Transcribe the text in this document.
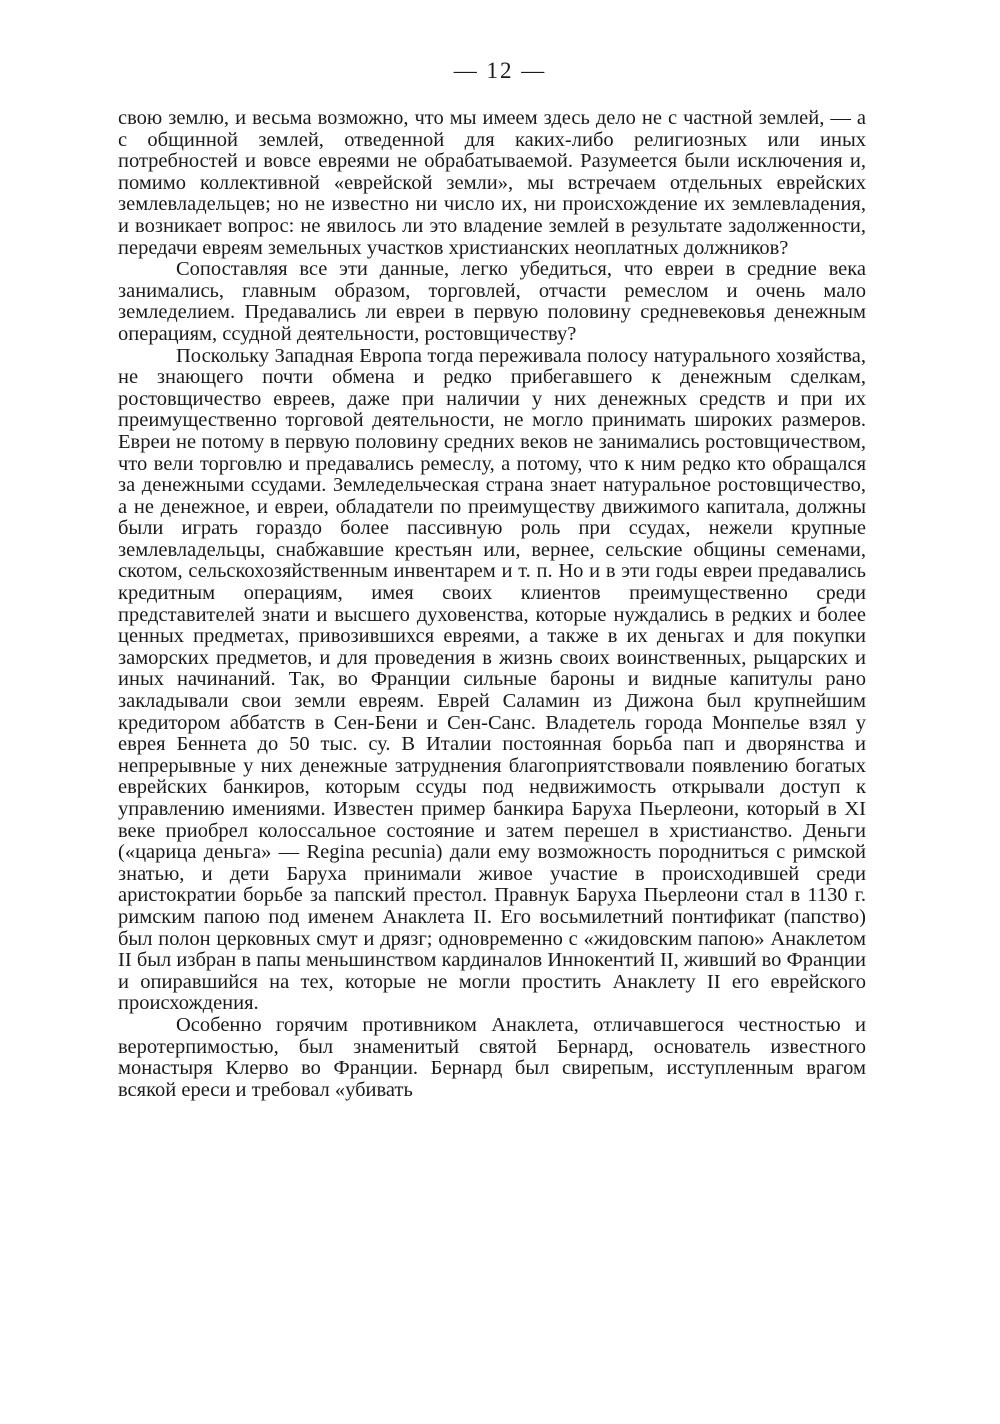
— 12 —

свою землю, и весьма возможно, что мы имеем здесь дело не с частной землей, — а с общинной землей, отведенной для каких-либо религиозных или иных потребностей и вовсе евреями не обрабатываемой. Разумеется были исключения и, помимо коллективной «еврейской земли», мы встречаем отдельных еврейских землевладельцев; но не известно ни число их, ни происхождение их землевладения, и возникает вопрос: не явилось ли это владение землей в результате задолженности, передачи евреям земельных участков христианских неоплатных должников?

Сопоставляя все эти данные, легко убедиться, что евреи в средние века занимались, главным образом, торговлей, отчасти ремеслом и очень мало земледелием. Предавались ли евреи в первую половину средневековья денежным операциям, ссудной деятельности, ростовщичеству?

Поскольку Западная Европа тогда переживала полосу натурального хозяйства, не знающего почти обмена и редко прибегавшего к денежным сделкам, ростовщичество евреев, даже при наличии у них денежных средств и при их преимущественно торговой деятельности, не могло принимать широких размеров. Евреи не потому в первую половину средних веков не занимались ростовщичеством, что вели торговлю и предавались ремеслу, а потому, что к ним редко кто обращался за денежными ссудами. Земледельческая страна знает натуральное ростовщичество, а не денежное, и евреи, обладатели по преимуществу движимого капитала, должны были играть гораздо более пассивную роль при ссудах, нежели крупные землевладельцы, снабжавшие крестьян или, вернее, сельские общины семенами, скотом, сельскохозяйственным инвентарем и т. п. Но и в эти годы евреи предавались кредитным операциям, имея своих клиентов преимущественно среди представителей знати и высшего духовенства, которые нуждались в редких и более ценных предметах, привозившихся евреями, а также в их деньгах и для покупки заморских предметов, и для проведения в жизнь своих воинственных, рыцарских и иных начинаний. Так, во Франции сильные бароны и видные капитулы рано закладывали свои земли евреям. Еврей Саламин из Дижона был крупнейшим кредитором аббатств в Сен-Бени и Сен-Санс. Владетель города Монпелье взял у еврея Беннета до 50 тыс. су. В Италии постоянная борьба пап и дворянства и непрерывные у них денежные затруднения благоприятствовали появлению богатых еврейских банкиров, которым ссуды под недвижимость открывали доступ к управлению имениями. Известен пример банкира Баруха Пьерлеони, который в XI веке приобрел колоссальное состояние и затем перешел в христианство. Деньги («царица деньга» — Regina pecunia) дали ему возможность породниться с римской знатью, и дети Баруха принимали живое участие в происходившей среди аристократии борьбе за папский престол. Правнук Баруха Пьерлеони стал в 1130 г. римским папою под именем Анаклета II. Его восьмилетний понтификат (папство) был полон церковных смут и дрязг; одновременно с «жидовским папою» Анаклетом II был избран в папы меньшинством кардиналов Иннокентий II, живший во Франции и опиравшийся на тех, которые не могли простить Анаклету II его еврейского происхождения.

Особенно горячим противником Анаклета, отличавшегося честностью и веротерпимостью, был знаменитый святой Бернард, основатель известного монастыря Клерво во Франции. Бернард был свирепым, исступленным врагом всякой ереси и требовал «убивать
